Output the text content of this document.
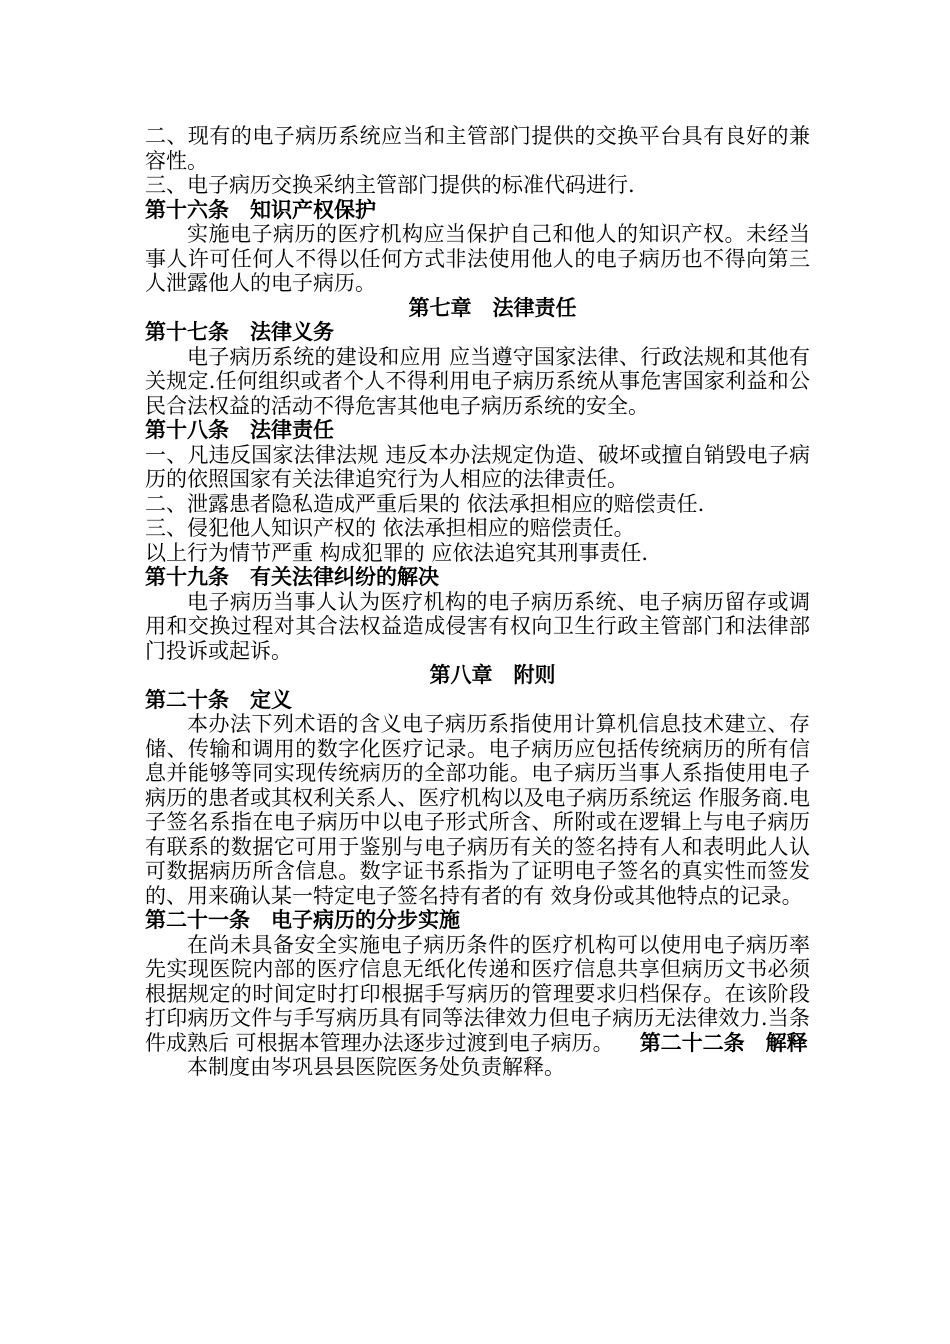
二、现有的电子病历系统应当和主管部门提供的交换平台具有良好的兼容性。

三、电子病历交换采纳主管部门提供的标准代码进行.

第十六条　知识产权保护

实施电子病历的医疗机构应当保护自己和他人的知识产权。未经当事人许可任何人不得以任何方式非法使用他人的电子病历也不得向第三人泄露他人的电子病历。

第七章　法律责任

第十七条　法律义务

电子病历系统的建设和应用 应当遵守国家法律、行政法规和其他有关规定.任何组织或者个人不得利用电子病历系统从事危害国家利益和公民合法权益的活动不得危害其他电子病历系统的安全。

第十八条　法律责任

一、凡违反国家法律法规 违反本办法规定伪造、破坏或擅自销毁电子病历的依照国家有关法律追究行为人相应的法律责任。

二、泄露患者隐私造成严重后果的 依法承担相应的赔偿责任.

三、侵犯他人知识产权的 依法承担相应的赔偿责任。

以上行为情节严重 构成犯罪的 应依法追究其刑事责任.

第十九条　有关法律纠纷的解决

电子病历当事人认为医疗机构的电子病历系统、电子病历留存或调用和交换过程对其合法权益造成侵害有权向卫生行政主管部门和法律部门投诉或起诉。

第八章　附则

第二十条　定义

本办法下列术语的含义电子病历系指使用计算机信息技术建立、存储、传输和调用的数字化医疗记录。电子病历应包括传统病历的所有信息并能够等同实现传统病历的全部功能。电子病历当事人系指使用电子病历的患者或其权利关系人、医疗机构以及电子病历系统运 作服务商.电子签名系指在电子病历中以电子形式所含、所附或在逻辑上与电子病历有联系的数据它可用于鉴别与电子病历有关的签名持有人和表明此人认可数据病历所含信息。数字证书系指为了证明电子签名的真实性而签发的、用来确认某一特定电子签名持有者的有 效身份或其他特点的记录。

第二十一条　电子病历的分步实施

在尚未具备安全实施电子病历条件的医疗机构可以使用电子病历率先实现医院内部的医疗信息无纸化传递和医疗信息共享但病历文书必须根据规定的时间定时打印根据手写病历的管理要求归档保存。在该阶段打印病历文件与手写病历具有同等法律效力但电子病历无法律效力.当条件成熟后 可根据本管理办法逐步过渡到电子病历。 第二十二条　解释

本制度由岑巩县县医院医务处负责解释。
